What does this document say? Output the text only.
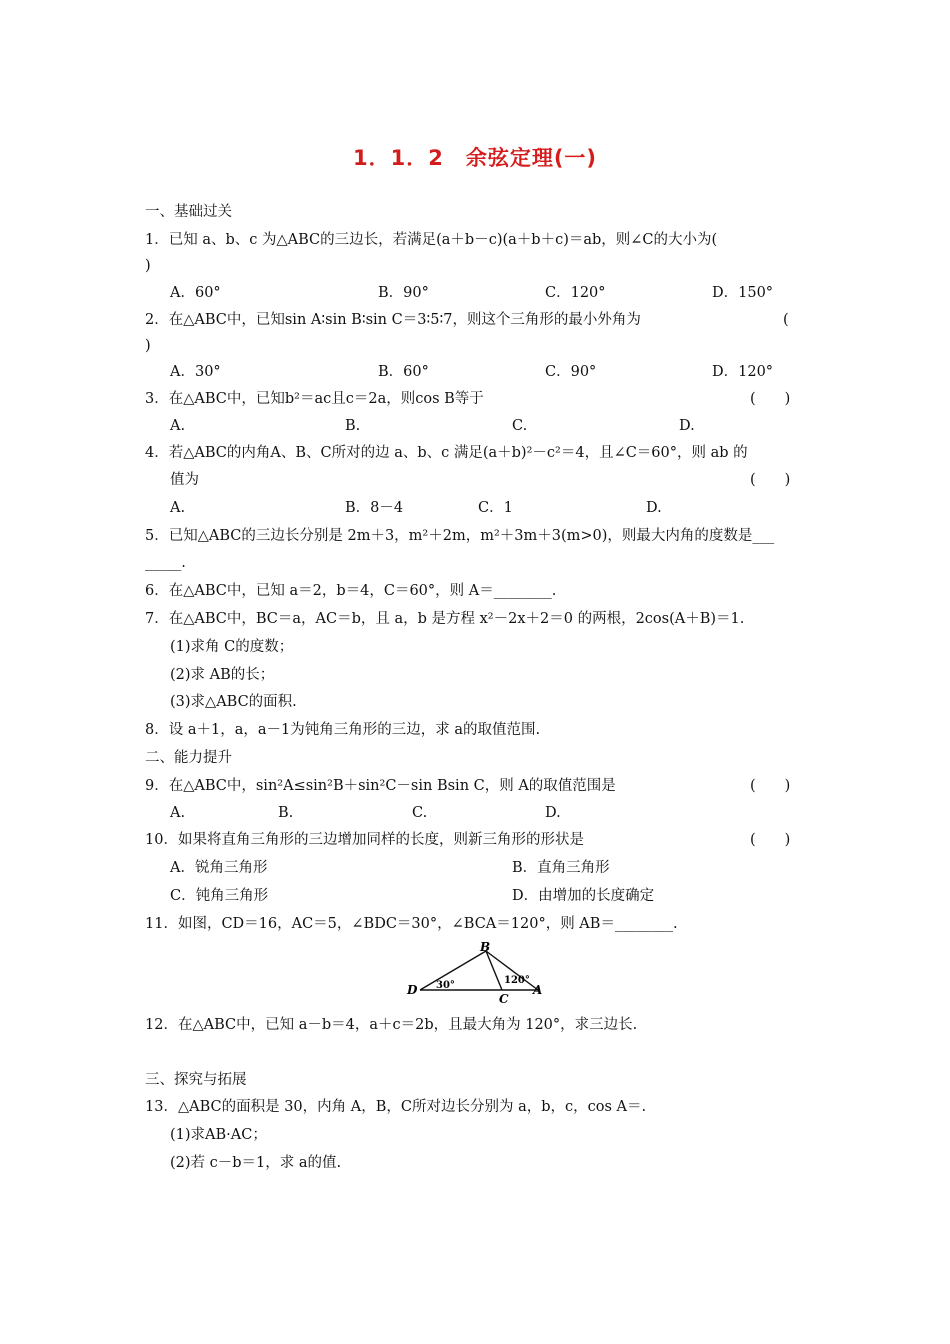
1．1．2　余弦定理(一)
一、基础过关
1．已知 a、b、c 为△ABC的三边长，若满足(a＋b－c)(a＋b＋c)＝ab，则∠C的大小为(
)
A．60°	B．90°	C．120°	D．150°
2．在△ABC中，已知sin A∶sin B∶sin C＝3∶5∶7，则这个三角形的最小外角为	(
)
A．30°	B．60°	C．90°	D．120°
3．在△ABC中，已知b²＝ac且c＝2a，则cos B等于	(　　)
A.	B.	C.	D.
4．若△ABC的内角A、B、C所对的边 a、b、c 满足(a＋b)²－c²＝4，且∠C＝60°，则 ab 的
值为	(　　)
A.	B．8－4	C．1	D.
5．已知△ABC的三边长分别是 2m＋3，m²＋2m，m²＋3m＋3(m>0)，则最大内角的度数是___
_____.
6．在△ABC中，已知 a＝2，b＝4，C＝60°，则 A＝________.
7．在△ABC中，BC＝a，AC＝b，且 a，b 是方程 x²－2x＋2＝0 的两根，2cos(A＋B)＝1.
(1)求角 C的度数；
(2)求 AB的长；
(3)求△ABC的面积.
8．设 a＋1，a，a－1为钝角三角形的三边，求 a的取值范围.
二、能力提升
9．在△ABC中，sin²A≤sin²B＋sin²C－sin Bsin C，则 A的取值范围是	(　　)
A.	B.	C.	D.
10．如果将直角三角形的三边增加同样的长度，则新三角形的形状是	(　　)
A．锐角三角形	B．直角三角形
C．钝角三角形	D．由增加的长度确定
11．如图，CD＝16，AC＝5，∠BDC＝30°，∠BCA＝120°，则 AB＝________.
B
D
C
A
30°	120°
12．在△ABC中，已知 a－b＝4，a＋c＝2b，且最大角为 120°，求三边长.
三、探究与拓展
13．△ABC的面积是 30，内角 A，B，C所对边长分别为 a，b，c，cos A＝.
(1)求AB·AC；
(2)若 c－b＝1，求 a的值.
